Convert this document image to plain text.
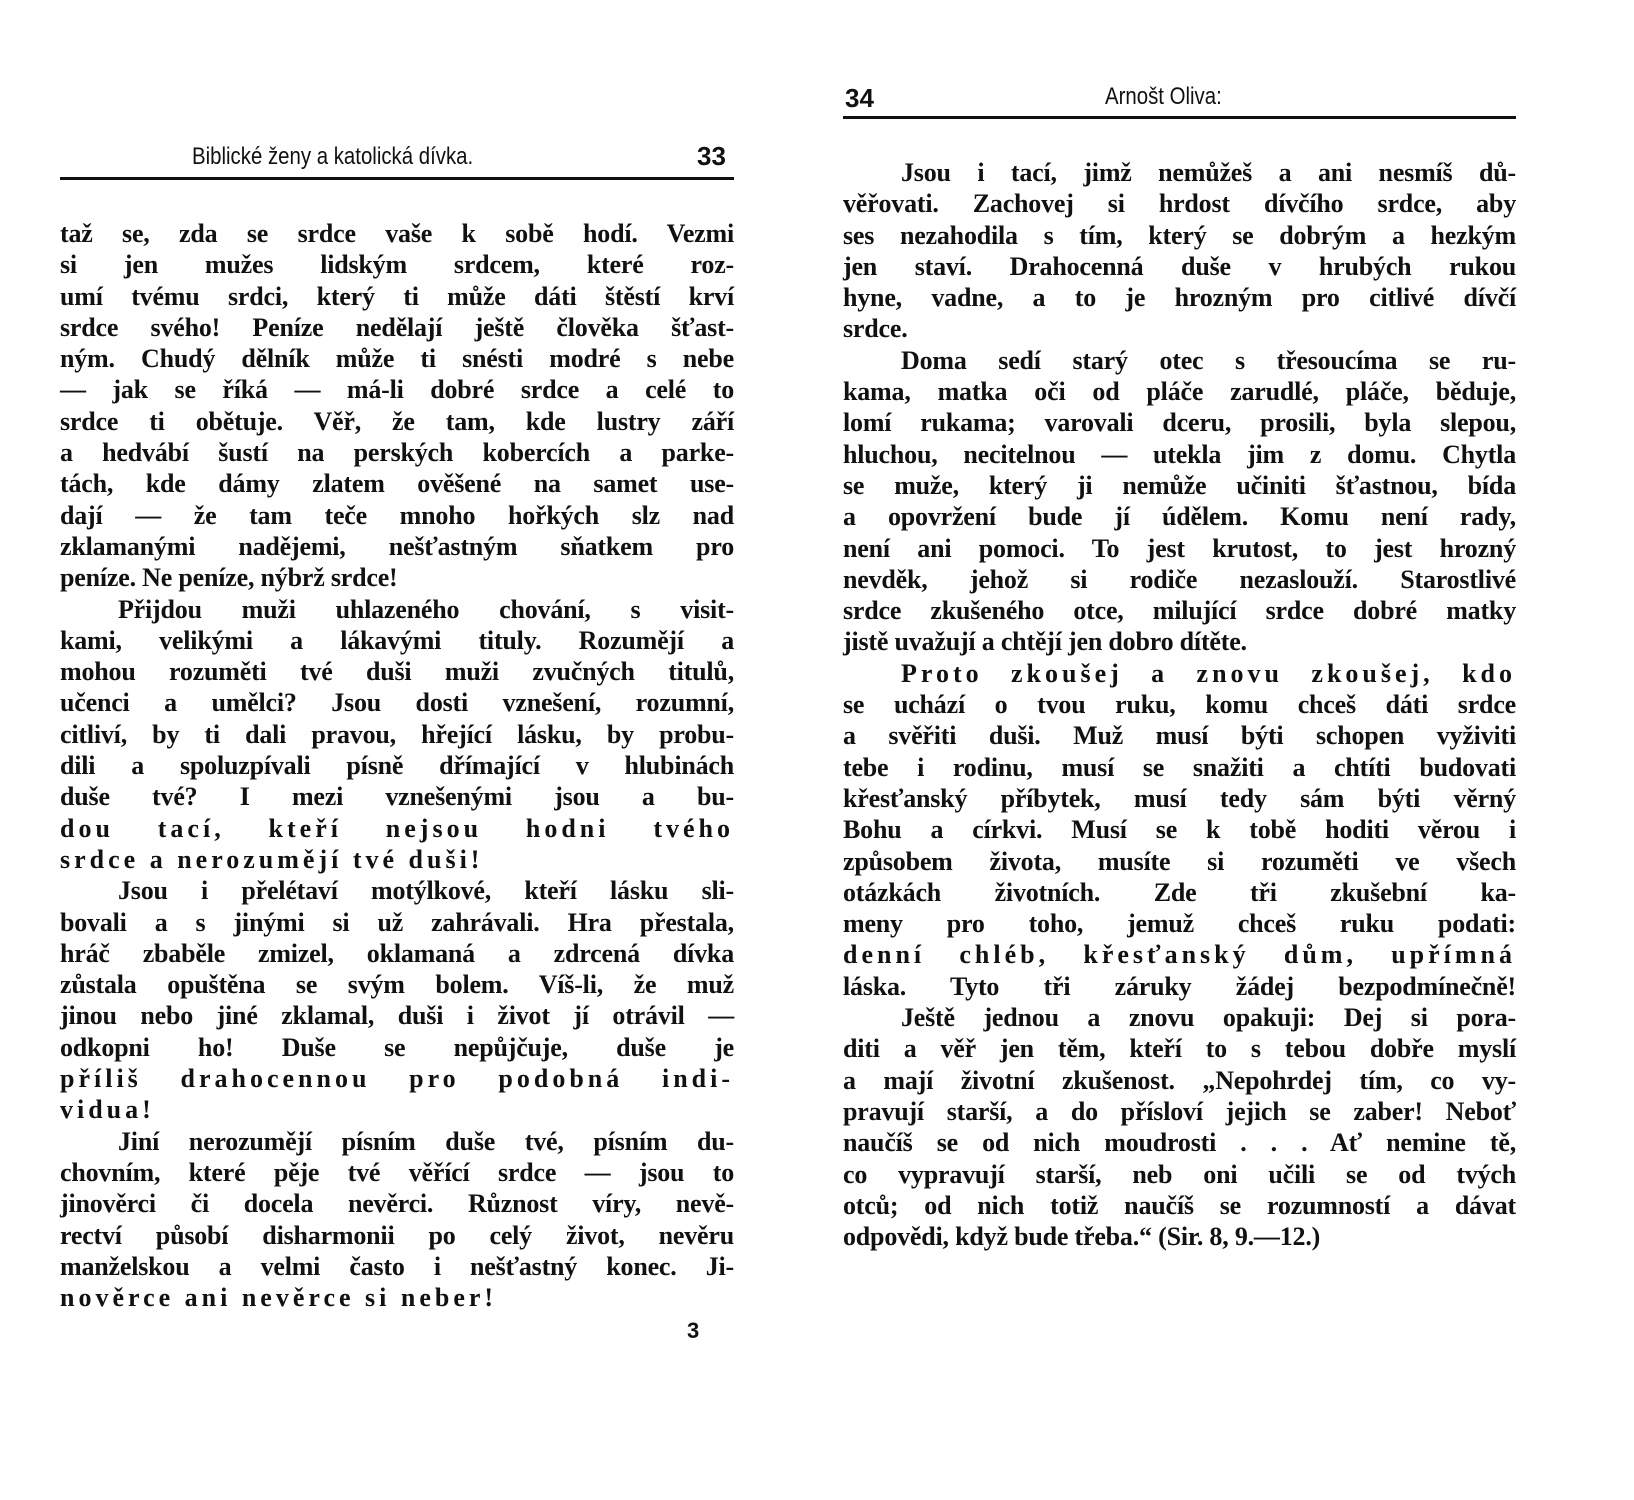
Biblické ženy a katolická dívka.	33
taž se, zda se srdce vaše k sobě hodí. Vezmi
si jen mužes lidským srdcem, které roz-
umí tvému srdci, který ti může dáti štěstí krví
srdce svého! Peníze nedělají ještě člověka šťast-
ným. Chudý dělník může ti snésti modré s nebe
— jak se říká — má-li dobré srdce a celé to
srdce ti obětuje. Věř, že tam, kde lustry září
a hedvábí šustí na perských kobercích a parke-
tách, kde dámy zlatem ověšené na samet use-
dají — že tam teče mnoho hořkých slz nad
zklamanými nadějemi, nešťastným sňatkem pro
peníze. Ne peníze, nýbrž srdce!
Přijdou muži uhlazeného chování, s visit-
kami, velikými a lákavými tituly. Rozumějí a
mohou rozuměti tvé duši muži zvučných titulů,
učenci a umělci? Jsou dosti vznešení, rozumní,
citliví, by ti dali pravou, hřející lásku, by probu-
dili a spoluzpívali písně dřímající v hlubinách
duše tvé? I mezi vznešenými jsou a bu-
dou tací, kteří nejsou hodni tvého
srdce a nerozumějí tvé duši!
Jsou i přelétaví motýlkové, kteří lásku sli-
bovali a s jinými si už zahrávali. Hra přestala,
hráč zbaběle zmizel, oklamaná a zdrcená dívka
zůstala opuštěna se svým bolem. Víš-li, že muž
jinou nebo jiné zklamal, duši i život jí otrávil —
odkopni ho! Duše se nepůjčuje, duše je
příliš drahocennou pro podobná indi-
vidua!
Jiní nerozumějí písním duše tvé, písním du-
chovním, které pěje tvé věřící srdce — jsou to
jinověrci či docela nevěrci. Různost víry, nevě-
rectví působí disharmonii po celý život, nevěru
manželskou a velmi často i nešťastný konec. Ji-
nověrce ani nevěrce si neber!
3
34	Arnošt Oliva:
Jsou i tací, jimž nemůžeš a ani nesmíš dů-
věřovati. Zachovej si hrdost dívčího srdce, aby
ses nezahodila s tím, který se dobrým a hezkým
jen staví. Drahocenná duše v hrubých rukou
hyne, vadne, a to je hrozným pro citlivé dívčí
srdce.
Doma sedí starý otec s třesoucíma se ru-
kama, matka oči od pláče zarudlé, pláče, běduje,
lomí rukama; varovali dceru, prosili, byla slepou,
hluchou, necitelnou — utekla jim z domu. Chytla
se muže, který ji nemůže učiniti šťastnou, bída
a opovržení bude jí údělem. Komu není rady,
není ani pomoci. To jest krutost, to jest hrozný
nevděk, jehož si rodiče nezaslouží. Starostlivé
srdce zkušeného otce, milující srdce dobré matky
jistě uvažují a chtějí jen dobro dítěte.
Proto zkoušej a znovu zkoušej, kdo
se uchází o tvou ruku, komu chceš dáti srdce
a svěřiti duši. Muž musí býti schopen vyživiti
tebe i rodinu, musí se snažiti a chtíti budovati
křesťanský příbytek, musí tedy sám býti věrný
Bohu a církvi. Musí se k tobě hoditi věrou i
způsobem života, musíte si rozuměti ve všech
otázkách životních. Zde tři zkušební ka-
meny pro toho, jemuž chceš ruku podati:
denní chléb, křesťanský dům, upřímná
láska. Tyto tři záruky žádej bezpodmínečně!
Ještě jednou a znovu opakuji: Dej si pora-
diti a věř jen těm, kteří to s tebou dobře myslí
a mají životní zkušenost. „Nepohrdej tím, co vy-
pravují starší, a do přísloví jejich se zaber! Neboť
naučíš se od nich moudrosti . . . Ať nemine tě,
co vypravují starší, neb oni učili se od tvých
otců; od nich totiž naučíš se rozumností a dávat
odpovědi, když bude třeba.“ (Sir. 8, 9.—12.)
